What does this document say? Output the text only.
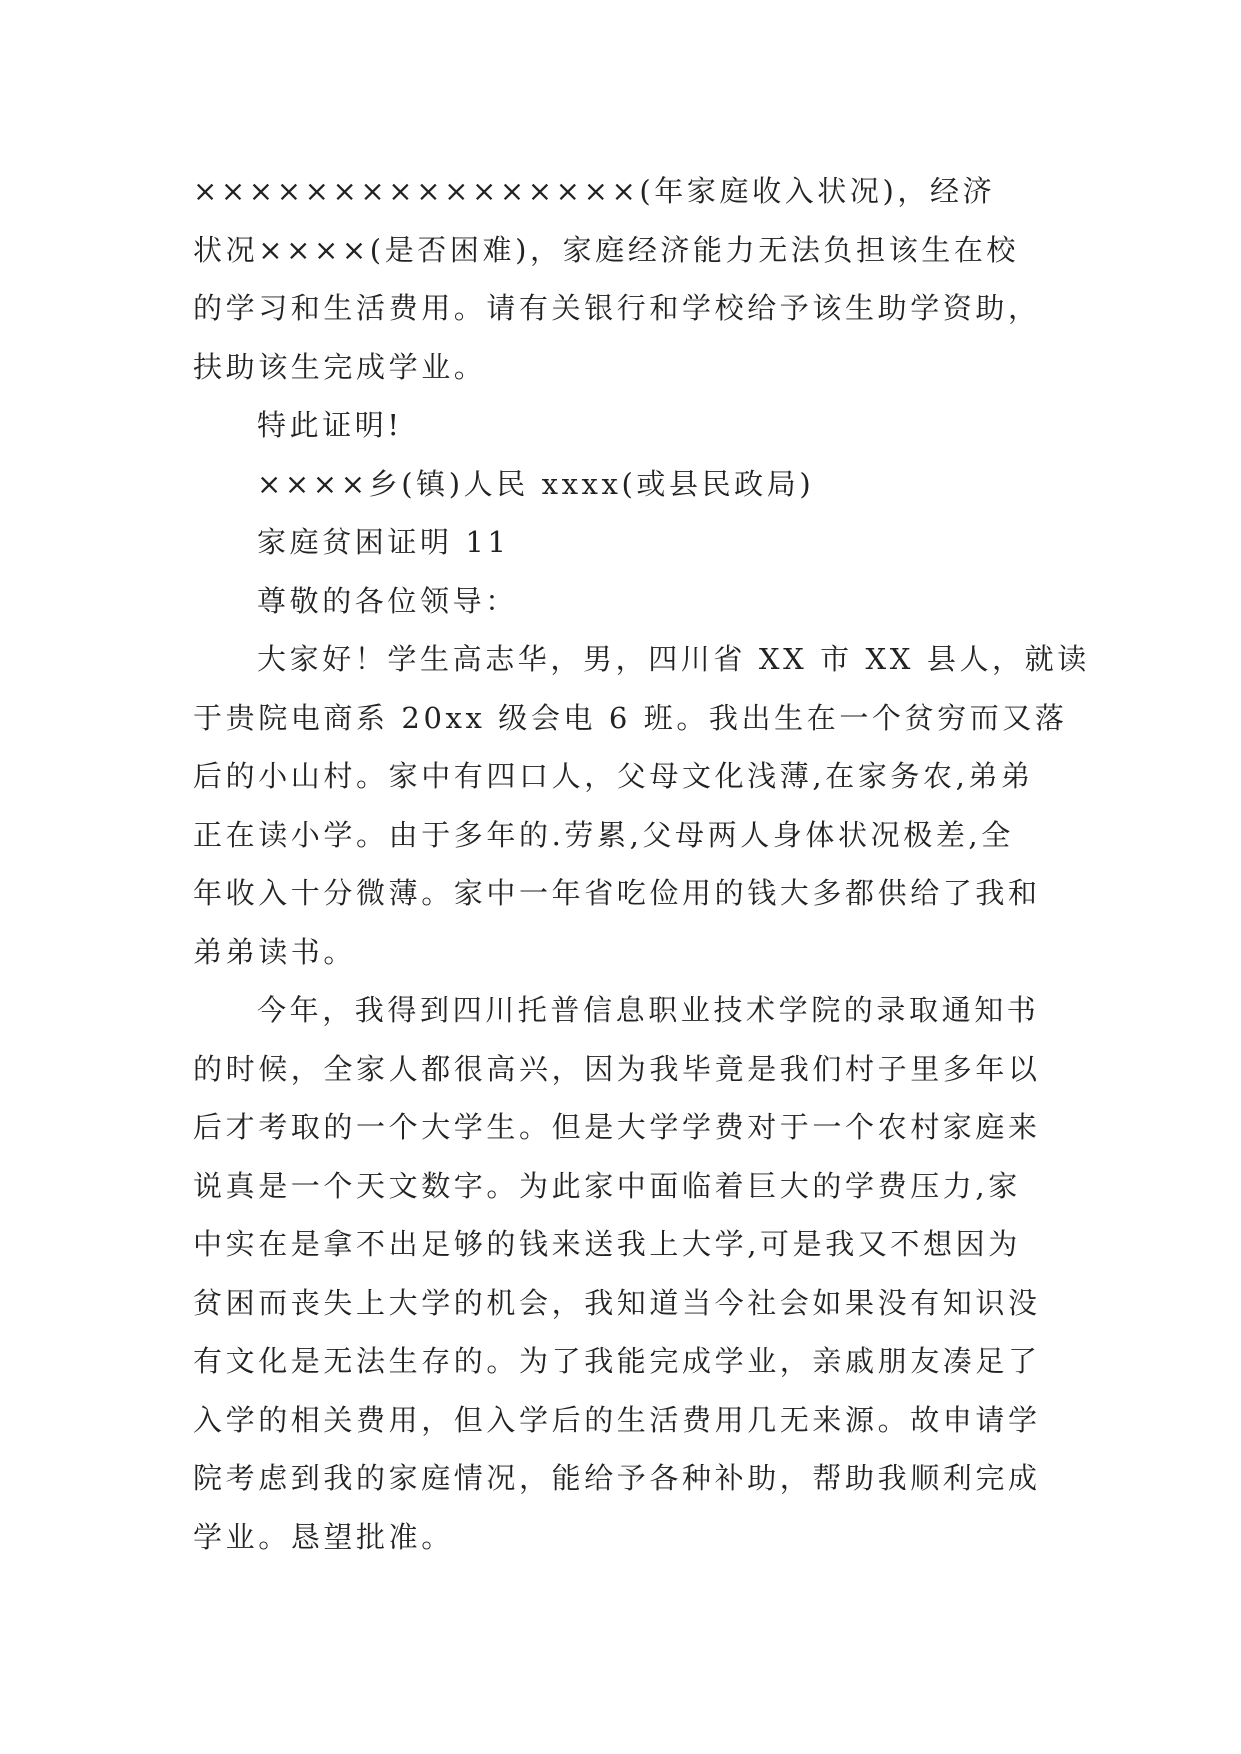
××××××××××××××××(年家庭收入状况)，经济
状况××××(是否困难)，家庭经济能力无法负担该生在校
的学习和生活费用。请有关银行和学校给予该生助学资助，
扶助该生完成学业。
特此证明!
××××乡(镇)人民 xxxx(或县民政局)
家庭贫困证明 11
尊敬的各位领导：
大家好！学生高志华，男，四川省 XX 市 XX 县人，就读
于贵院电商系 20xx 级会电 6 班。我出生在一个贫穷而又落
后的小山村。家中有四口人，父母文化浅薄,在家务农,弟弟
正在读小学。由于多年的.劳累,父母两人身体状况极差,全
年收入十分微薄。家中一年省吃俭用的钱大多都供给了我和
弟弟读书。
今年，我得到四川托普信息职业技术学院的录取通知书
的时候，全家人都很高兴，因为我毕竟是我们村子里多年以
后才考取的一个大学生。但是大学学费对于一个农村家庭来
说真是一个天文数字。为此家中面临着巨大的学费压力,家
中实在是拿不出足够的钱来送我上大学,可是我又不想因为
贫困而丧失上大学的机会，我知道当今社会如果没有知识没
有文化是无法生存的。为了我能完成学业，亲戚朋友凑足了
入学的相关费用，但入学后的生活费用几无来源。故申请学
院考虑到我的家庭情况，能给予各种补助，帮助我顺利完成
学业。恳望批准。
